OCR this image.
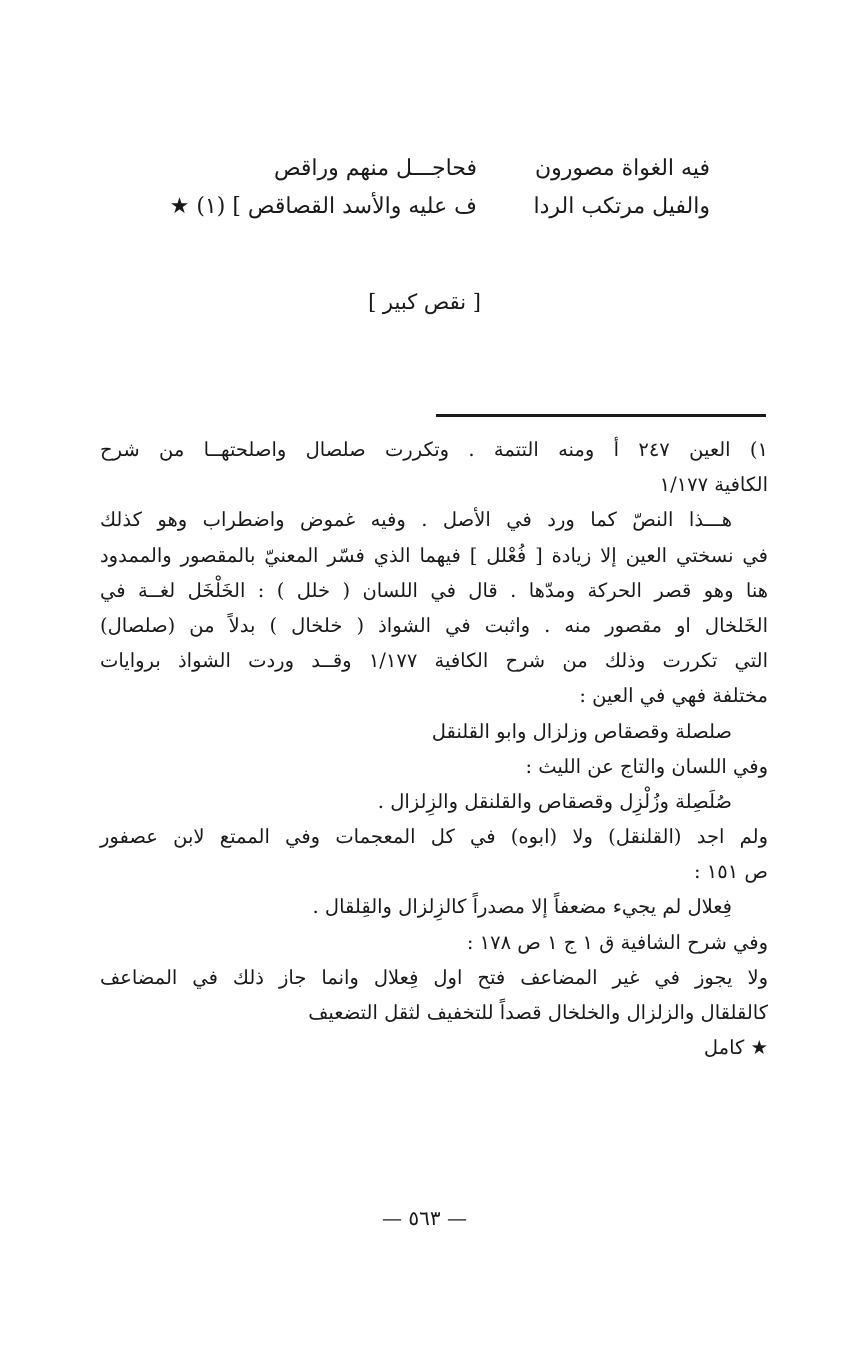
فيه الغواة مصورون
فحاجـــل منهم وراقص
والفيل مرتكب الردا
ف عليه والأسد القصاقص ] (١) ★
[ نقص كبير ]
١) العين ٢٤٧ أ ومنه التتمة . وتكررت صلصال واصلحتهــا من شرح
الكافية ١/١٧٧
هـــذا النصّ كما ورد في الأصل . وفيه غموض واضطراب وهو كذلك
في نسختي العين إلا زيادة [ فُعْلل ] فيهما الذي فسّر المعنيّ بالمقصور والممدود
هنا وهو قصر الحركة ومدّها . قال في اللسان ( خلل ) : الخَلْخَل لغــة في
الخَلخال او مقصور منه . واثبت في الشواذ ( خلخال ) بدلاً من (صلصال)
التي تكررت وذلك من شرح الكافية ١/١٧٧ وقــد وردت الشواذ بروايات
مختلفة فهي في العين :
صلصلة وقصقاص وزلزال وابو القلنقل
وفي اللسان والتاج عن الليث :
صُلَصِلة وزُلْزِل وقصقاص والقلنقل والزِلزال .
ولم اجد (القلنقل) ولا (ابوه) في كل المعجمات وفي الممتع لابن عصفور
ص ١٥١ :
فِعلال لم يجيء مضعفاً إلا مصدراً كالزِلزال والقِلقال .
وفي شرح الشافية ق ١ ج ١ ص ١٧٨ :
ولا يجوز في غير المضاعف فتح اول فِعلال وانما جاز ذلك في المضاعف
كالقلقال والزلزال والخلخال قصداً للتخفيف لثقل التضعيف
★ كامل
— ٥٦٣ —
